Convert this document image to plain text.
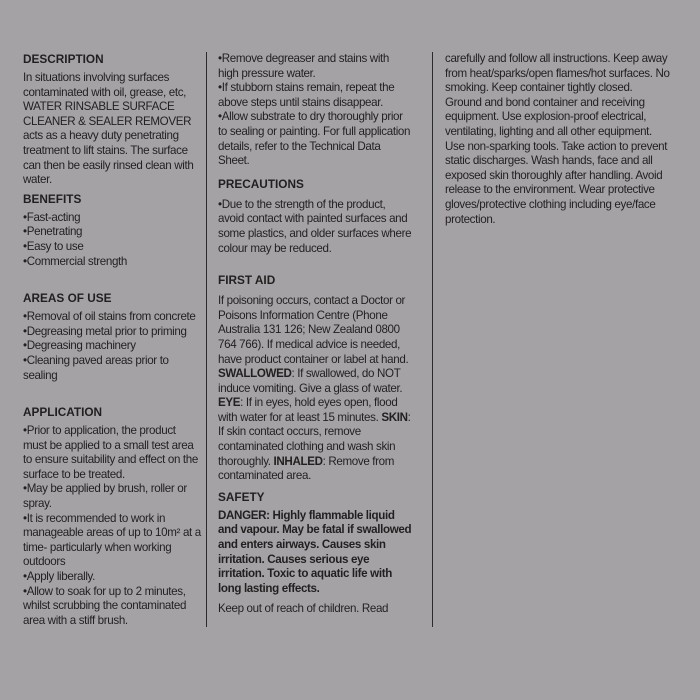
DESCRIPTION

In situations involving surfaces contaminated with oil, grease, etc, WATER RINSABLE SURFACE CLEANER & SEALER REMOVER acts as a heavy duty penetrating treatment to lift stains. The surface can then be easily rinsed clean with water.

BENEFITS

•Fast-acting

•Penetrating

•Easy to use

•Commercial strength

AREAS OF USE

•Removal of oil stains from concrete

•Degreasing metal prior to priming

•Degreasing machinery

•Cleaning paved areas prior to sealing

APPLICATION

•Prior to application, the product must be applied to a small test area to ensure suitability and effect on the surface to be treated.

•May be applied by brush, roller or spray.

•It is recommended to work in manageable areas of up to 10m² at a time- particularly when working outdoors

•Apply liberally.

•Allow to soak for up to 2 minutes, whilst scrubbing the contaminated area with a stiff brush.

•Remove degreaser and stains with high pressure water.

•If stubborn stains remain, repeat the above steps until stains disappear.

•Allow substrate to dry thoroughly prior to sealing or painting. For full application details, refer to the Technical Data Sheet.

PRECAUTIONS

•Due to the strength of the product, avoid contact with painted surfaces and some plastics, and older surfaces where colour may be reduced.

FIRST AID

If poisoning occurs, contact a Doctor or Poisons Information Centre (Phone Australia 131 126; New Zealand 0800 764 766). If medical advice is needed, have product container or label at hand. SWALLOWED: If swallowed, do NOT induce vomiting. Give a glass of water. EYE: If in eyes, hold eyes open, flood with water for at least 15 minutes. SKIN: If skin contact occurs, remove contaminated clothing and wash skin thoroughly. INHALED: Remove from contaminated area.

SAFETY

DANGER: Highly flammable liquid and vapour. May be fatal if swallowed and enters airways. Causes skin irritation. Causes serious eye irritation. Toxic to aquatic life with long lasting effects.

Keep out of reach of children. Read

carefully and follow all instructions. Keep away from heat/sparks/open flames/hot surfaces. No smoking. Keep container tightly closed. Ground and bond container and receiving equipment. Use explosion-proof electrical, ventilating, lighting and all other equipment. Use non-sparking tools. Take action to prevent static discharges. Wash hands, face and all exposed skin thoroughly after handling. Avoid release to the environment. Wear protective gloves/protective clothing including eye/face protection.
